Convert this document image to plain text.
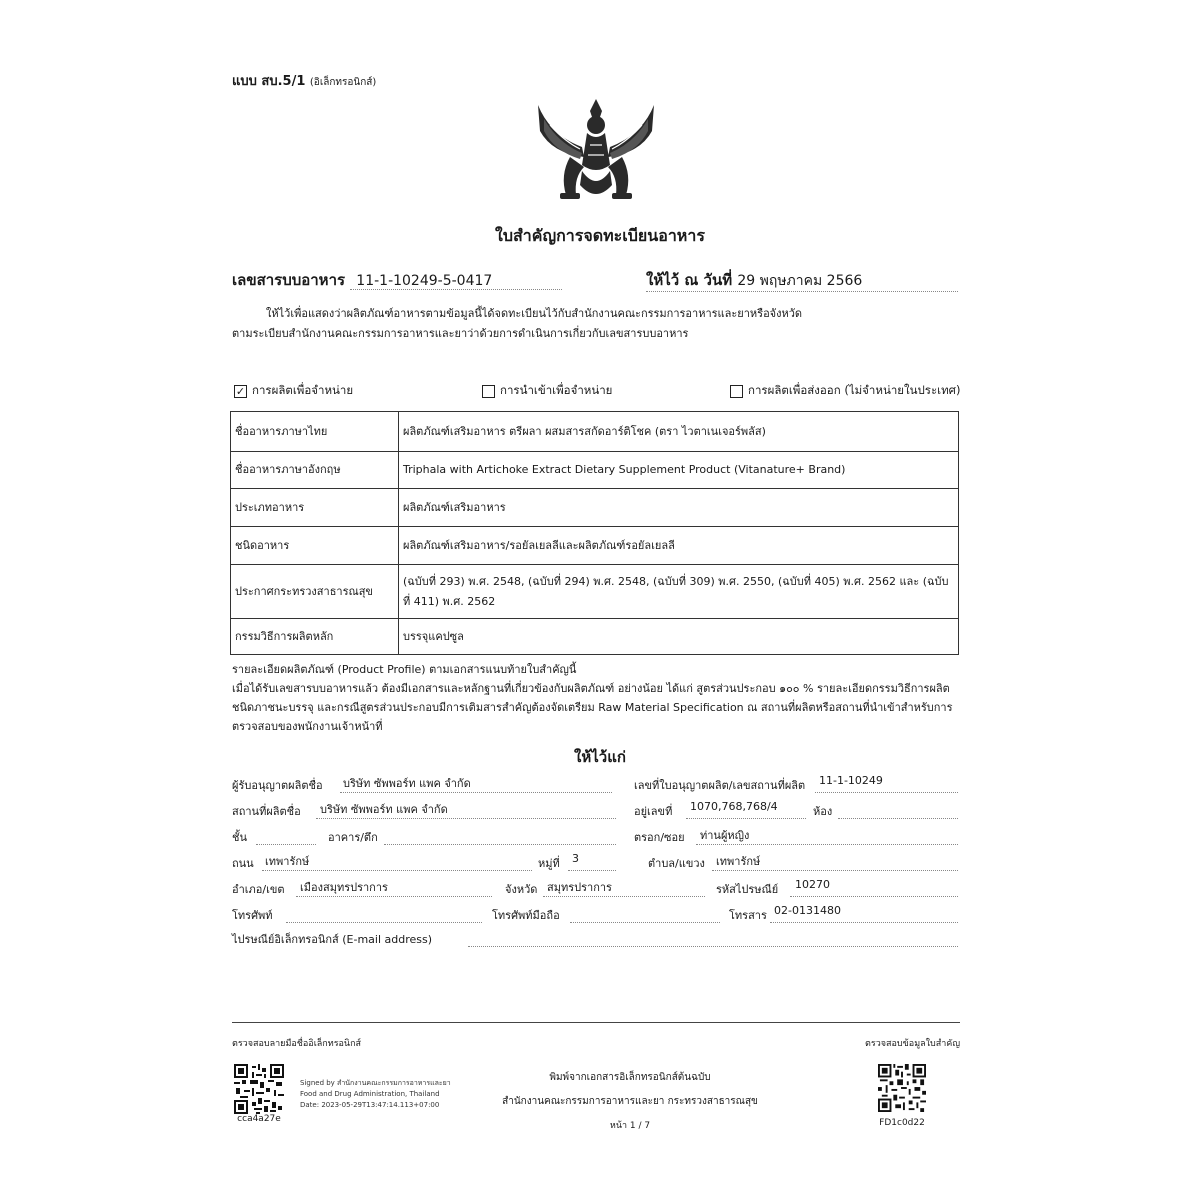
แบบ สบ.5/1 (อิเล็กทรอนิกส์)
ใบสำคัญการจดทะเบียนอาหาร
เลขสารบบอาหาร 11-1-10249-5-0417	ให้ไว้ ณ วันที่ 29 พฤษภาคม 2566
ให้ไว้เพื่อแสดงว่าผลิตภัณฑ์อาหารตามข้อมูลนี้ได้จดทะเบียนไว้กับสำนักงานคณะกรรมการอาหารและยาหรือจังหวัด
ตามระเบียบสำนักงานคณะกรรมการอาหารและยาว่าด้วยการดำเนินการเกี่ยวกับเลขสารบบอาหาร
✓ การผลิตเพื่อจำหน่าย	การนำเข้าเพื่อจำหน่าย	การผลิตเพื่อส่งออก (ไม่จำหน่ายในประเทศ)
ชื่ออาหารภาษาไทย	ผลิตภัณฑ์เสริมอาหาร ตรีผลา ผสมสารสกัดอาร์ติโชค (ตรา ไวตาเนเจอร์พลัส)
ชื่ออาหารภาษาอังกฤษ	Triphala with Artichoke Extract Dietary Supplement Product (Vitanature+ Brand)
ประเภทอาหาร	ผลิตภัณฑ์เสริมอาหาร
ชนิดอาหาร	ผลิตภัณฑ์เสริมอาหาร/รอยัลเยลลีและผลิตภัณฑ์รอยัลเยลลี
ประกาศกระทรวงสาธารณสุข	(ฉบับที่ 293) พ.ศ. 2548, (ฉบับที่ 294) พ.ศ. 2548, (ฉบับที่ 309) พ.ศ. 2550, (ฉบับที่ 405) พ.ศ. 2562 และ (ฉบับที่ 411) พ.ศ. 2562
กรรมวิธีการผลิตหลัก	บรรจุแคปซูล
รายละเอียดผลิตภัณฑ์ (Product Profile) ตามเอกสารแนบท้ายใบสำคัญนี้
เมื่อได้รับเลขสารบบอาหารแล้ว ต้องมีเอกสารและหลักฐานที่เกี่ยวข้องกับผลิตภัณฑ์ อย่างน้อย ได้แก่ สูตรส่วนประกอบ ๑๐๐ % รายละเอียดกรรมวิธีการผลิต ชนิดภาชนะบรรจุ และกรณีสูตรส่วนประกอบมีการเติมสารสำคัญต้องจัดเตรียม Raw Material Specification ณ สถานที่ผลิตหรือสถานที่นำเข้าสำหรับการตรวจสอบของพนักงานเจ้าหน้าที่
ให้ไว้แก่
ผู้รับอนุญาตผลิตชื่อ บริษัท ซัพพอร์ท แพค จำกัด	เลขที่ใบอนุญาตผลิต/เลขสถานที่ผลิต 11-1-10249
สถานที่ผลิตชื่อ บริษัท ซัพพอร์ท แพค จำกัด	อยู่เลขที่ 1070,768,768/4	ห้อง
ชั้น	อาคาร/ตึก	ตรอก/ซอย ท่านผู้หญิง
ถนน เทพารักษ์	หมู่ที่ 3	ตำบล/แขวง เทพารักษ์
อำเภอ/เขต เมืองสมุทรปราการ	จังหวัด สมุทรปราการ	รหัสไปรษณีย์ 10270
โทรศัพท์	โทรศัพท์มือถือ	โทรสาร 02-0131480
ไปรษณีย์อิเล็กทรอนิกส์ (E-mail address)
ตรวจสอบลายมือชื่ออิเล็กทรอนิกส์	ตรวจสอบข้อมูลใบสำคัญ
cca4a27e
Signed by สำนักงานคณะกรรมการอาหารและยา
Food and Drug Administration, Thailand
Date: 2023-05-29T13:47:14.113+07:00
พิมพ์จากเอกสารอิเล็กทรอนิกส์ต้นฉบับ
สำนักงานคณะกรรมการอาหารและยา กระทรวงสาธารณสุข
หน้า 1 / 7	FD1c0d22
